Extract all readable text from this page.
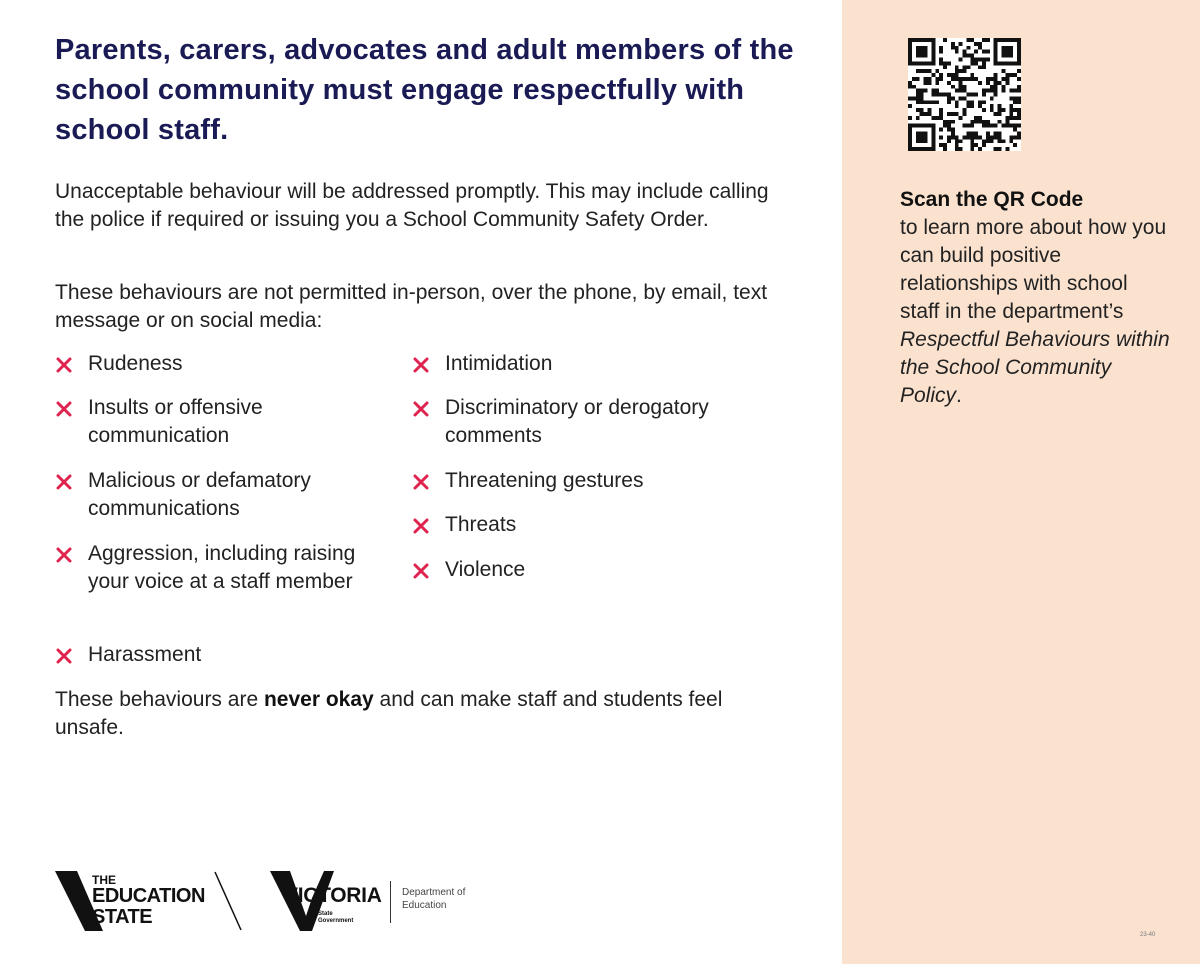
Parents, carers, advocates and adult members of the school community must engage respectfully with school staff.

Unacceptable behaviour will be addressed promptly. This may include calling the police if required or issuing you a School Community Safety Order.

These behaviours are not permitted in-person, over the phone, by email, text message or on social media:

Rudeness
Insults or offensive communication
Malicious or defamatory communications
Aggression, including raising your voice at a staff member
Harassment
Intimidation
Discriminatory or derogatory comments
Threatening gestures
Threats
Violence

These behaviours are never okay and can make staff and students feel unsafe.

Scan the QR Code
to learn more about how you can build positive relationships with school staff in the department’s Respectful Behaviours within the School Community Policy.
THE
EDUCATION
STATE
VICTORIA
State Government
Department of Education
23-40
